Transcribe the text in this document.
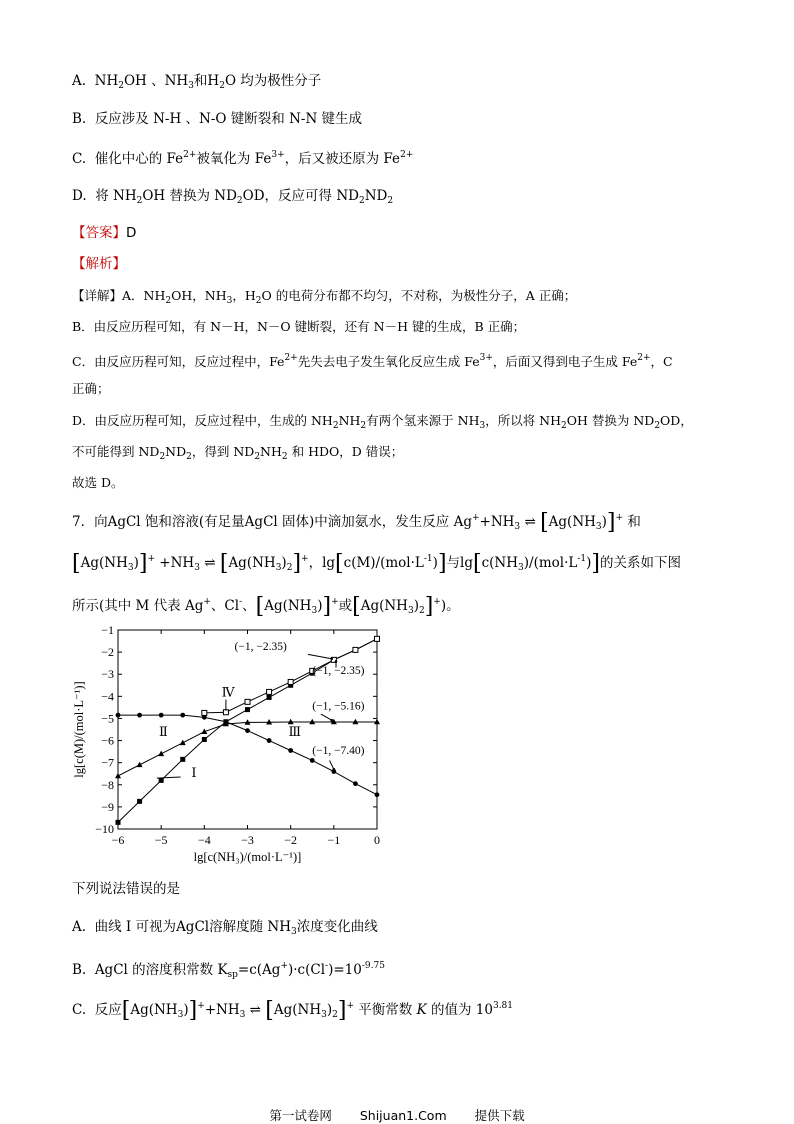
A. $NH_2OH$ 、$NH_3$和$H_2O$ 均为极性分子
B. 反应涉及 N-H 、N-O 键断裂和 N-N 键生成
C. 催化中心的 $Fe^{2+}$被氧化为 $Fe^{3+}$，后又被还原为 $Fe^{2+}$
D. 将 $NH_2OH$ 替换为 $ND_2OD$，反应可得 $ND_2ND_2$
【答案】D
【解析】
【详解】A．$NH_2OH$，$NH_3$，$H_2O$ 的电荷分布都不均匀，不对称，为极性分子，A 正确；
B．由反应历程可知，有 N－H，N－O 键断裂，还有 N－H 键的生成，B 正确；
C．由反应历程可知，反应过程中，$Fe^{2+}$先失去电子发生氧化反应生成 $Fe^{3+}$，后面又得到电子生成 $Fe^{2+}$，C
正确；
D．由反应历程可知，反应过程中，生成的 $NH_2NH_2$有两个氢来源于 $NH_3$，所以将 $NH_2OH$ 替换为 $ND_2OD$，
不可能得到 $ND_2ND_2$，得到 $ND_2NH_2$ 和 HDO，D 错误；
故选 D。
7．向AgCl 饱和溶液(有足量AgCl 固体)中滴加氨水，发生反应 $Ag^++NH_3$ ⇌ $[Ag(NH_3)]^+$ 和
$[Ag(NH_3)]^+ +NH_3$ ⇌ $[Ag(NH_3)_2]^+$，$\lg[c(M)/(mol\cdot L^{-1})]$与$\lg[c(NH_3)/(mol\cdot L^{-1})]$的关系如下图
所示(其中 M 代表 Ag+、Cl-、$[Ag(NH_3)]^+$或$[Ag(NH_3)_2]^+$)。
−6	−5	−4	−3	−2	−1	0
−1
−2
−3
−4
−5
−6
−7
−8
−9
−10
lg[c(NH₃)/(mol·L⁻¹)]
lg[c(M)/(mol·L⁻¹)]
(−1, −2.35)
(−1, −2.35)
(−1, −5.16)
(−1, −7.40)
Ⅰ
Ⅱ	Ⅲ
Ⅳ
下列说法错误的是
A. 曲线 I 可视为AgCl溶解度随 $NH_3$浓度变化曲线
B. AgCl 的溶度积常数 $K_{sp}=c(Ag^+)\cdot c(Cl^-)=10^{-9.75}$
C. 反应$[Ag(NH_3)]^++NH_3$ ⇌ $[Ag(NH_3)_2]^+$ 平衡常数 K 的值为 $10^{3.81}$
第一试卷网 Shijuan1.Com 提供下载
